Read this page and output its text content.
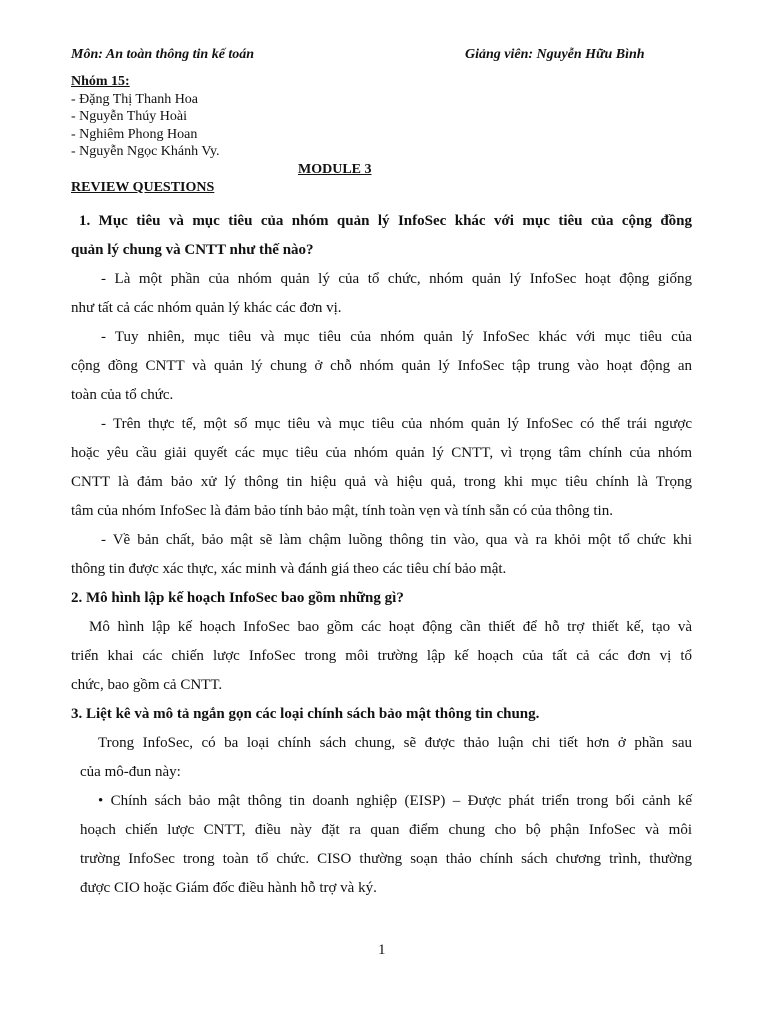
Môn: An toàn thông tin kế toán	Giảng viên: Nguyễn Hữu Bình
Nhóm 15:
- Đặng Thị Thanh Hoa
- Nguyễn Thúy Hoài
- Nghiêm Phong Hoan
- Nguyễn Ngọc Khánh Vy.
MODULE 3
REVIEW QUESTIONS
1. Mục tiêu và mục tiêu của nhóm quản lý InfoSec khác với mục tiêu của cộng đồng
quản lý chung và CNTT như thế nào?
- Là một phần của nhóm quản lý của tổ chức, nhóm quản lý InfoSec hoạt động giống
như tất cả các nhóm quản lý khác các đơn vị.
- Tuy nhiên, mục tiêu và mục tiêu của nhóm quản lý InfoSec khác với mục tiêu của
cộng đồng CNTT và quản lý chung ở chỗ nhóm quản lý InfoSec tập trung vào hoạt động an
toàn của tổ chức.
- Trên thực tế, một số mục tiêu và mục tiêu của nhóm quản lý InfoSec có thể trái ngược
hoặc yêu cầu giải quyết các mục tiêu của nhóm quản lý CNTT, vì trọng tâm chính của nhóm
CNTT là đảm bảo xử lý thông tin hiệu quả và hiệu quả, trong khi mục tiêu chính là Trọng
tâm của nhóm InfoSec là đảm bảo tính bảo mật, tính toàn vẹn và tính sẵn có của thông tin.
- Về bản chất, bảo mật sẽ làm chậm luồng thông tin vào, qua và ra khỏi một tổ chức khi
thông tin được xác thực, xác minh và đánh giá theo các tiêu chí bảo mật.
2. Mô hình lập kế hoạch InfoSec bao gồm những gì?
Mô hình lập kế hoạch InfoSec bao gồm các hoạt động cần thiết để hỗ trợ thiết kế, tạo và
triển khai các chiến lược InfoSec trong môi trường lập kế hoạch của tất cả các đơn vị tổ
chức, bao gồm cả CNTT.
3. Liệt kê và mô tả ngắn gọn các loại chính sách bảo mật thông tin chung.
Trong InfoSec, có ba loại chính sách chung, sẽ được thảo luận chi tiết hơn ở phần sau
của mô-đun này:
• Chính sách bảo mật thông tin doanh nghiệp (EISP) – Được phát triển trong bối cảnh kế
hoạch chiến lược CNTT, điều này đặt ra quan điểm chung cho bộ phận InfoSec và môi
trường InfoSec trong toàn tổ chức. CISO thường soạn thảo chính sách chương trình, thường
được CIO hoặc Giám đốc điều hành hỗ trợ và ký.
1
